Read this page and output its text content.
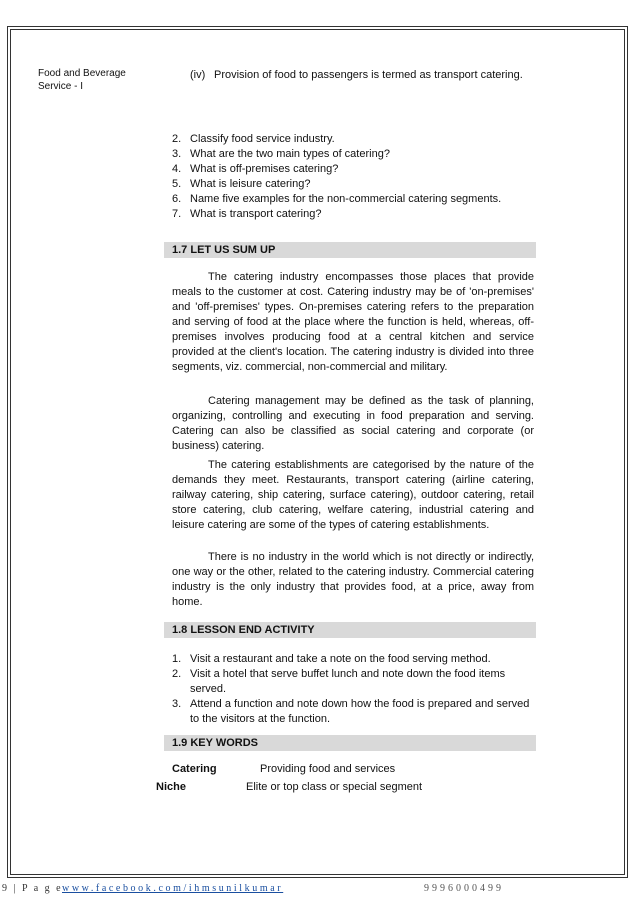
Food and Beverage
Service - I
(iv) Provision of food to passengers is termed as transport catering.
2. Classify food service industry.
3. What are the two main types of catering?
4. What is off-premises catering?
5. What is leisure catering?
6. Name five examples for the non-commercial catering segments.
7. What is transport catering?
1.7 LET US SUM UP
The catering industry encompasses those places that provide meals to the customer at cost. Catering industry may be of 'on-premises' and 'off-premises' types. On-premises catering refers to the preparation and serving of food at the place where the function is held, whereas, off-premises involves producing food at a central kitchen and service provided at the client's location. The catering industry is divided into three segments, viz. commercial, non-commercial and military.
Catering management may be defined as the task of planning, organizing, controlling and executing in food preparation and serving. Catering can also be classified as social catering and corporate (or business) catering.
The catering establishments are categorised by the nature of the demands they meet. Restaurants, transport catering (airline catering, railway catering, ship catering, surface catering), outdoor catering, retail store catering, club catering, welfare catering, industrial catering and leisure catering are some of the types of catering establishments.
There is no industry in the world which is not directly or indirectly, one way or the other, related to the catering industry. Commercial catering industry is the only industry that provides food, at a price, away from home.
1.8 LESSON END ACTIVITY
1. Visit a restaurant and take a note on the food serving method.
2. Visit a hotel that serve buffet lunch and note down the food items served.
3. Attend a function and note down how the food is prepared and served to the visitors at the function.
1.9 KEY WORDS
Catering	Providing food and services
Niche	Elite or top class or special segment
9 | P a g e www.facebook.com/ihmsunilkumar	9996000499
